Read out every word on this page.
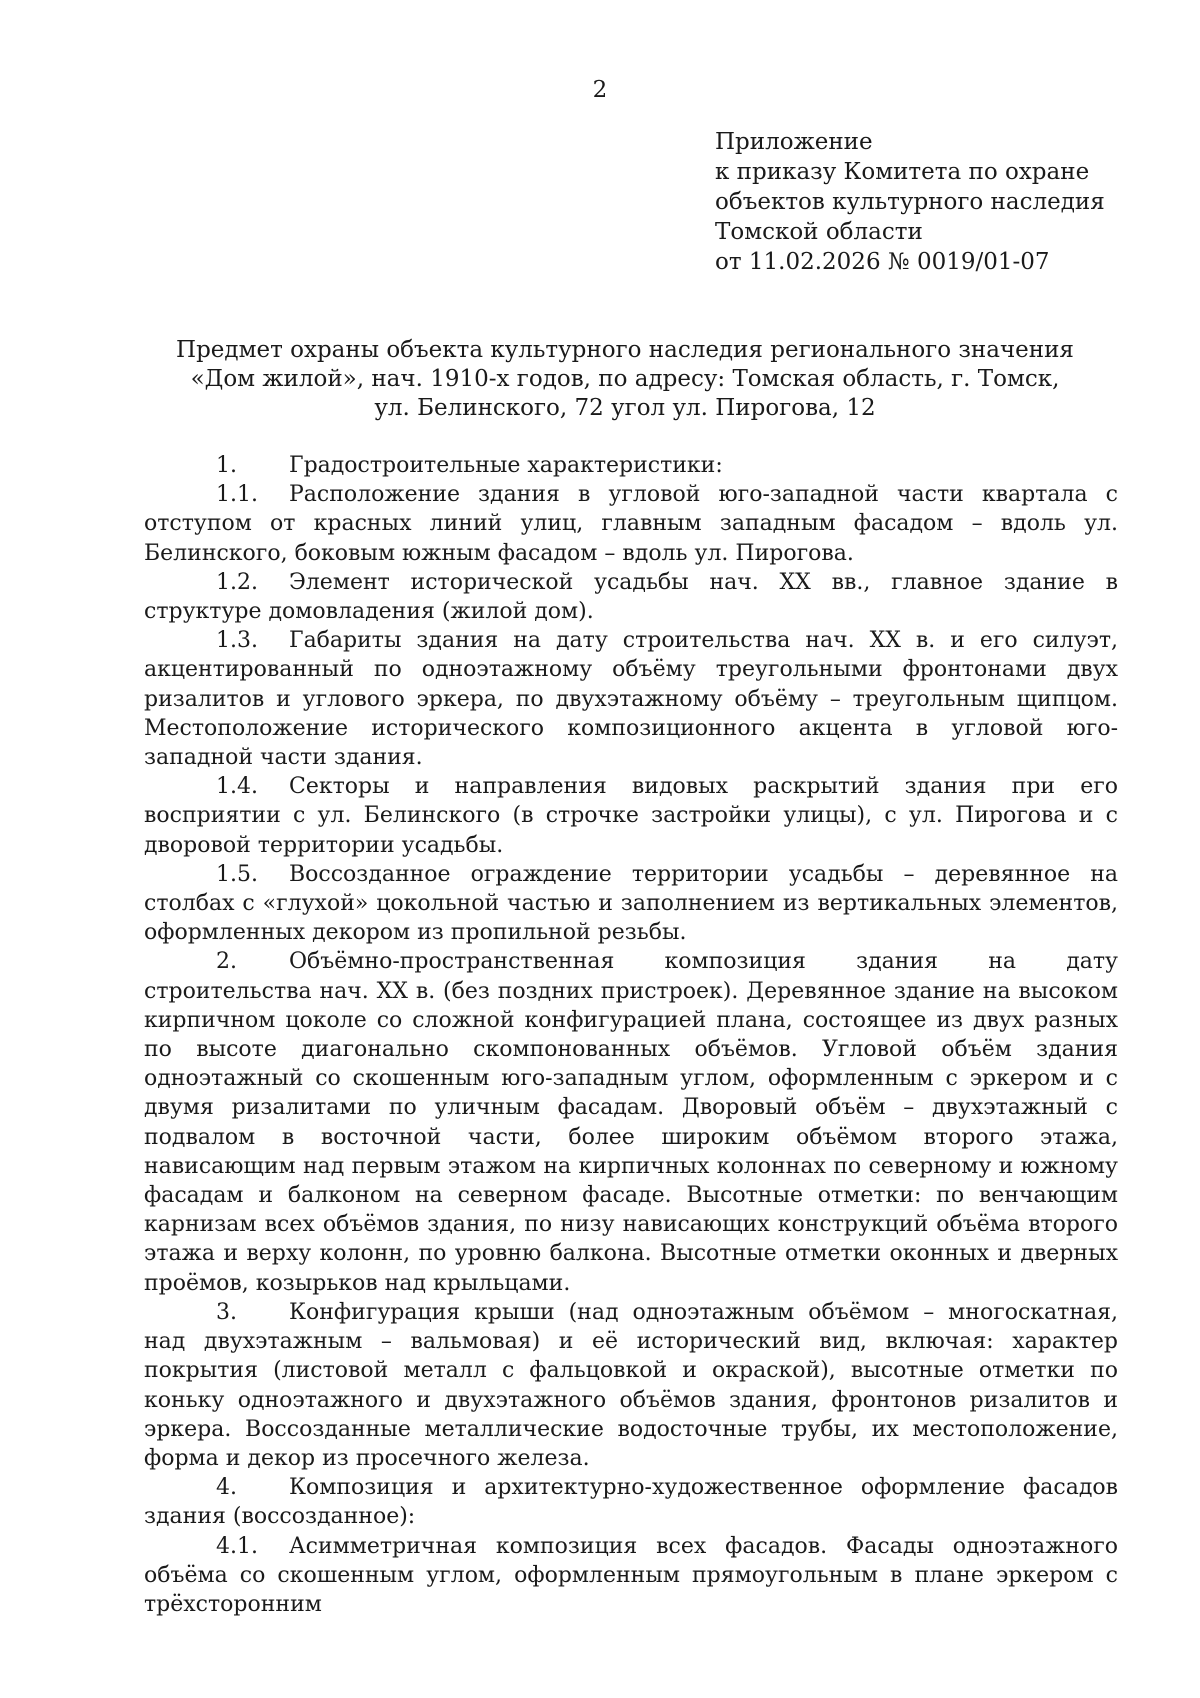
2
Приложение
к приказу Комитета по охране
объектов культурного наследия
Томской области
от 11.02.2026 № 0019/01-07
Предмет охраны объекта культурного наследия регионального значения
«Дом жилой», нач. 1910-х годов, по адресу: Томская область, г. Томск,
ул. Белинского, 72 угол ул. Пирогова, 12

1. Градостроительные характеристики:

1.1. Расположение здания в угловой юго-западной части квартала с отступом от красных линий улиц, главным западным фасадом – вдоль ул. Белинского, боковым южным фасадом – вдоль ул. Пирогова.

1.2. Элемент исторической усадьбы нач. XX вв., главное здание в структуре домовладения (жилой дом).

1.3. Габариты здания на дату строительства нач. XX в. и его силуэт, акцентированный по одноэтажному объёму треугольными фронтонами двух ризалитов и углового эркера, по двухэтажному объёму – треугольным щипцом. Местоположение исторического композиционного акцента в угловой юго-западной части здания.

1.4. Секторы и направления видовых раскрытий здания при его восприятии с ул. Белинского (в строчке застройки улицы), с ул. Пирогова и с дворовой территории усадьбы.

1.5. Воссозданное ограждение территории усадьбы – деревянное на столбах с «глухой» цокольной частью и заполнением из вертикальных элементов, оформленных декором из пропильной резьбы.

2. Объёмно-пространственная композиция здания на дату строительства нач. XX в. (без поздних пристроек). Деревянное здание на высоком кирпичном цоколе со сложной конфигурацией плана, состоящее из двух разных по высоте диагонально скомпонованных объёмов. Угловой объём здания одноэтажный со скошенным юго-западным углом, оформленным с эркером и с двумя ризалитами по уличным фасадам. Дворовый объём – двухэтажный с подвалом в восточной части, более широким объёмом второго этажа, нависающим над первым этажом на кирпичных колоннах по северному и южному фасадам и балконом на северном фасаде. Высотные отметки: по венчающим карнизам всех объёмов здания, по низу нависающих конструкций объёма второго этажа и верху колонн, по уровню балкона. Высотные отметки оконных и дверных проёмов, козырьков над крыльцами.

3. Конфигурация крыши (над одноэтажным объёмом – многоскатная, над двухэтажным – вальмовая) и её исторический вид, включая: характер покрытия (листовой металл с фальцовкой и окраской), высотные отметки по коньку одноэтажного и двухэтажного объёмов здания, фронтонов ризалитов и эркера. Воссозданные металлические водосточные трубы, их местоположение, форма и декор из просечного железа.

4. Композиция и архитектурно-художественное оформление фасадов здания (воссозданное):

4.1. Асимметричная композиция всех фасадов. Фасады одноэтажного объёма со скошенным углом, оформленным прямоугольным в плане эркером с трёхсторонним
